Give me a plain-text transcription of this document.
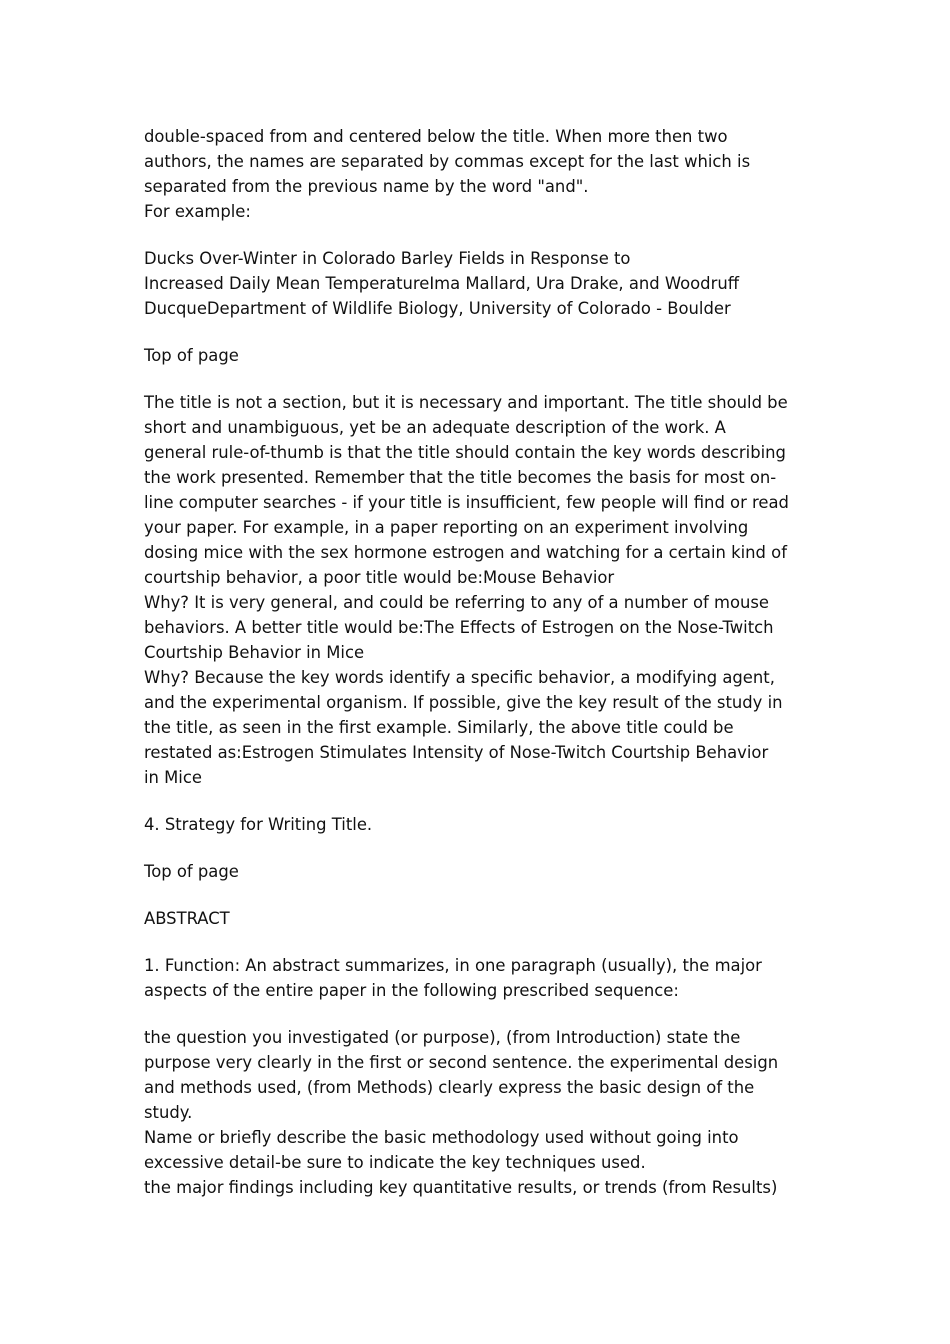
double-spaced from and centered below the title. When more then two
authors, the names are separated by commas except for the last which is
separated from the previous name by the word "and".
For example:
Ducks Over-Winter in Colorado Barley Fields in Response to
Increased Daily Mean TemperatureIma Mallard, Ura Drake, and Woodruff
DucqueDepartment of Wildlife Biology, University of Colorado - Boulder
Top of page
The title is not a section, but it is necessary and important. The title should be
short and unambiguous, yet be an adequate description of the work. A
general rule-of-thumb is that the title should contain the key words describing
the work presented. Remember that the title becomes the basis for most on-
line computer searches - if your title is insufficient, few people will find or read
your paper. For example, in a paper reporting on an experiment involving
dosing mice with the sex hormone estrogen and watching for a certain kind of
courtship behavior, a poor title would be:Mouse Behavior
Why? It is very general, and could be referring to any of a number of mouse
behaviors. A better title would be:The Effects of Estrogen on the Nose-Twitch
Courtship Behavior in Mice
Why? Because the key words identify a specific behavior, a modifying agent,
and the experimental organism. If possible, give the key result of the study in
the title, as seen in the first example. Similarly, the above title could be
restated as:Estrogen Stimulates Intensity of Nose-Twitch Courtship Behavior
in Mice
4. Strategy for Writing Title.
Top of page
ABSTRACT
1. Function: An abstract summarizes, in one paragraph (usually), the major
aspects of the entire paper in the following prescribed sequence:
the question you investigated (or purpose), (from Introduction) state the
purpose very clearly in the first or second sentence. the experimental design
and methods used, (from Methods) clearly express the basic design of the
study.
Name or briefly describe the basic methodology used without going into
excessive detail-be sure to indicate the key techniques used.
the major findings including key quantitative results, or trends (from Results)
